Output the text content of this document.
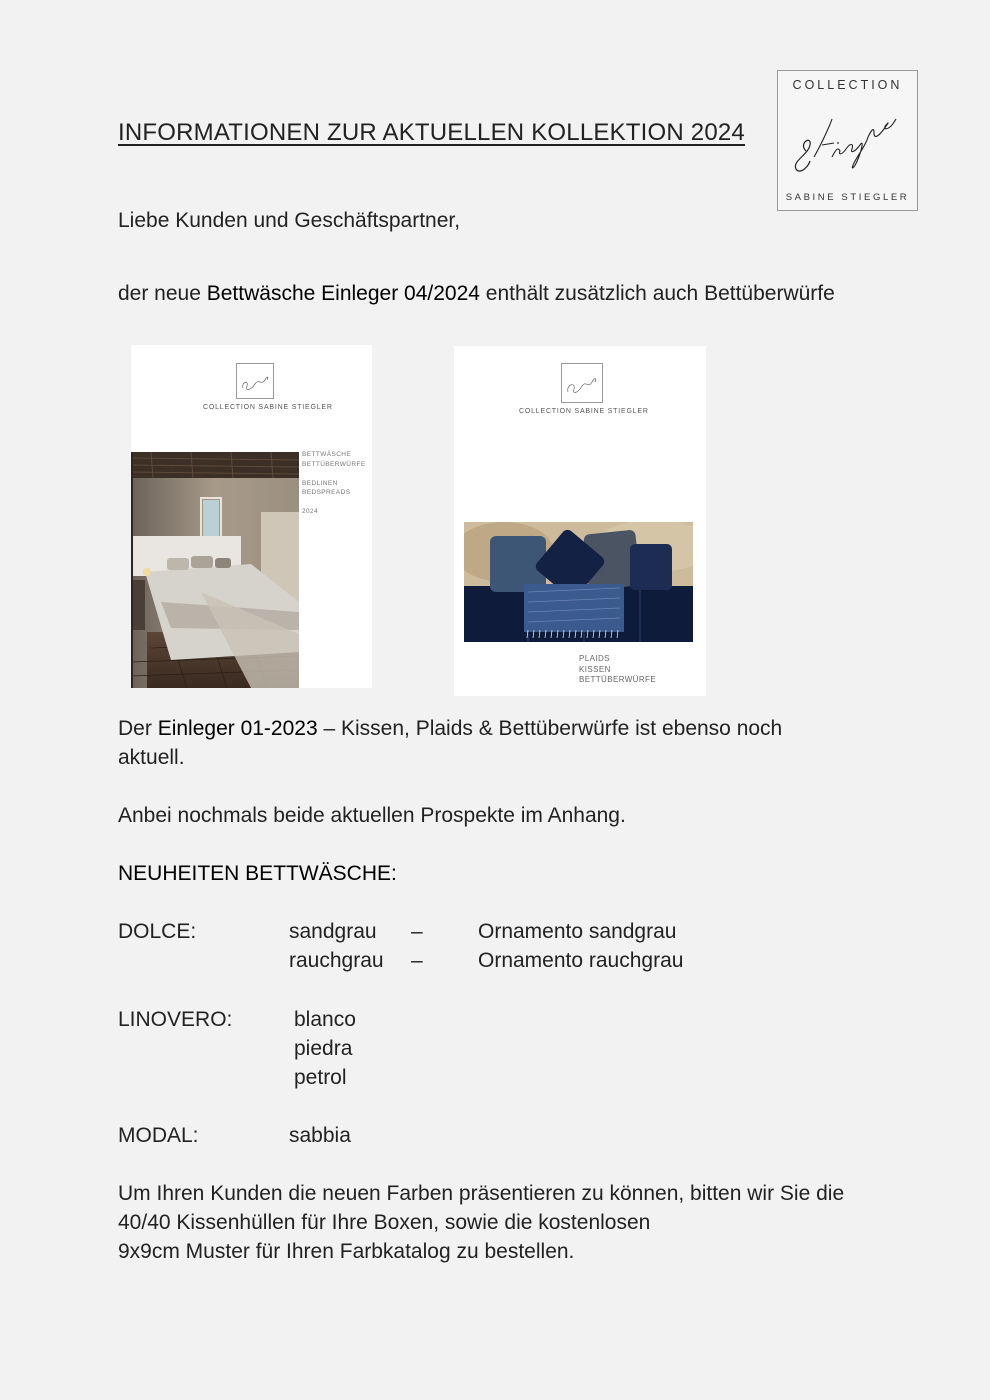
INFORMATIONEN ZUR AKTUELLEN KOLLEKTION 2024
COLLECTION
SABINE STIEGLER
Liebe Kunden und Geschäftspartner,
der neue Bettwäsche Einleger 04/2024 enthält zusätzlich auch Bettüberwürfe
COLLECTION SABINE STIEGLER
BETTWÄSCHE
BETTÜBERWÜRFE
BEDLINEN
BEDSPREADS
2024
COLLECTION SABINE STIEGLER
PLAIDS
KISSEN
BETTÜBERWÜRFE
Der Einleger 01-2023 – Kissen, Plaids & Bettüberwürfe ist ebenso noch
aktuell.
Anbei nochmals beide aktuellen Prospekte im Anhang.
NEUHEITEN BETTWÄSCHE:
DOLCE:	sandgrau –	Ornamento sandgrau
rauchgrau –	Ornamento rauchgrau
LINOVERO:	blanco
piedra
petrol
MODAL:	sabbia
Um Ihren Kunden die neuen Farben präsentieren zu können, bitten wir Sie die
40/40 Kissenhüllen für Ihre Boxen, sowie die kostenlosen
9x9cm Muster für Ihren Farbkatalog zu bestellen.
